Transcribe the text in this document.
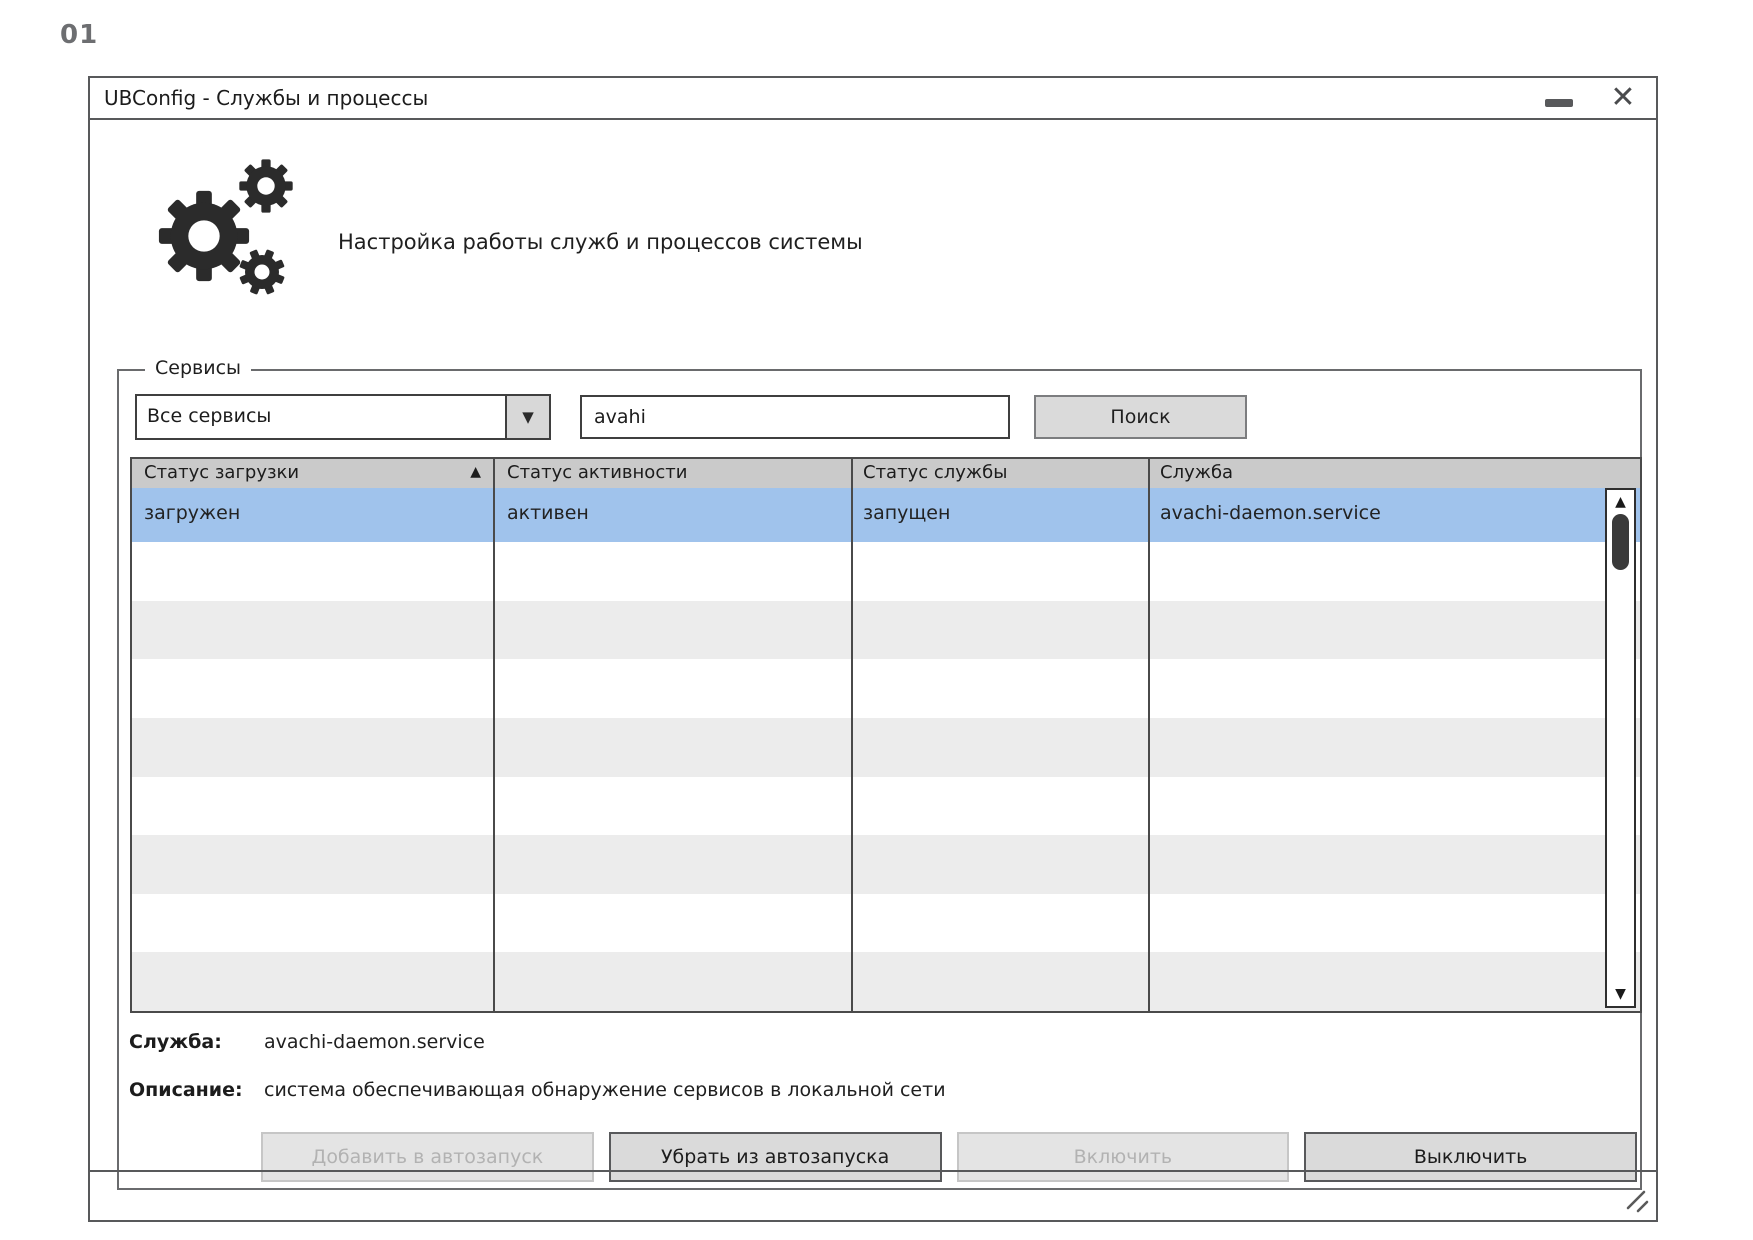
01
UBConfig - Службы и процессы	✕
Настройка работы служб и процессов системы
Сервисы
Все сервисы	▼
avahi	Поиск
Статус загрузки	▲	Статус активности	Статус службы	Служба
загружен	активен	запущен	avachi-daemon.service	▲
▼
Служба: avachi-daemon.service
Описание: система обеспечивающая обнаружение сервисов в локальной сети
Добавить в автозапуск	Убрать из автозапуска	Включить	Выключить
